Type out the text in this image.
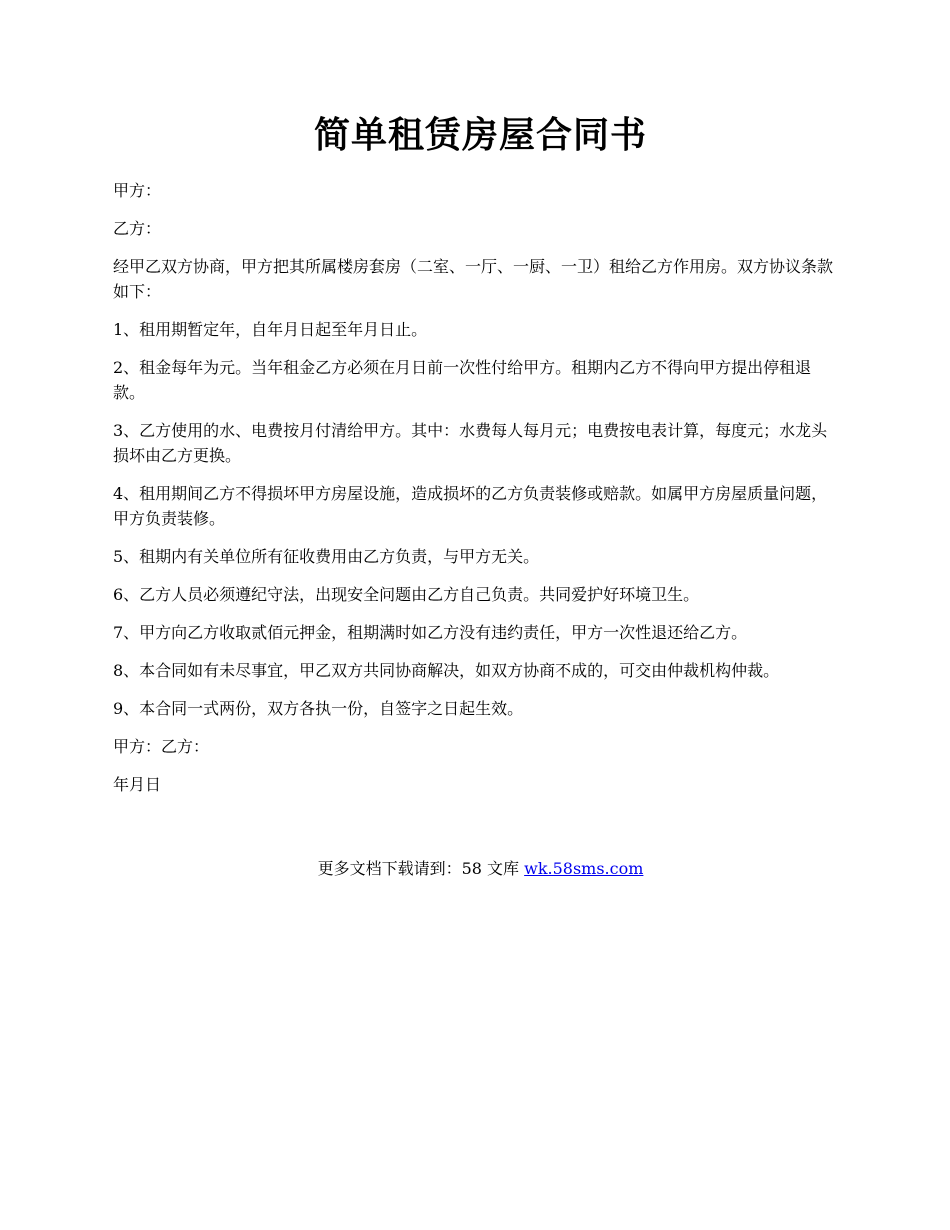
简单租赁房屋合同书

甲方：

乙方：

经甲乙双方协商，甲方把其所属楼房套房（二室、一厅、一厨、一卫）租给乙方作用房。双方协议条款如下：

1、租用期暂定年，自年月日起至年月日止。

2、租金每年为元。当年租金乙方必须在月日前一次性付给甲方。租期内乙方不得向甲方提出停租退款。

3、乙方使用的水、电费按月付清给甲方。其中：水费每人每月元；电费按电表计算，每度元；水龙头损坏由乙方更换。

4、租用期间乙方不得损坏甲方房屋设施，造成损坏的乙方负责装修或赔款。如属甲方房屋质量问题，甲方负责装修。

5、租期内有关单位所有征收费用由乙方负责，与甲方无关。

6、乙方人员必须遵纪守法，出现安全问题由乙方自己负责。共同爱护好环境卫生。

7、甲方向乙方收取贰佰元押金，租期满时如乙方没有违约责任，甲方一次性退还给乙方。

8、本合同如有未尽事宜，甲乙双方共同协商解决，如双方协商不成的，可交由仲裁机构仲裁。

9、本合同一式两份，双方各执一份，自签字之日起生效。

甲方：乙方：

年月日

更多文档下载请到：58 文库 wk.58sms.com
